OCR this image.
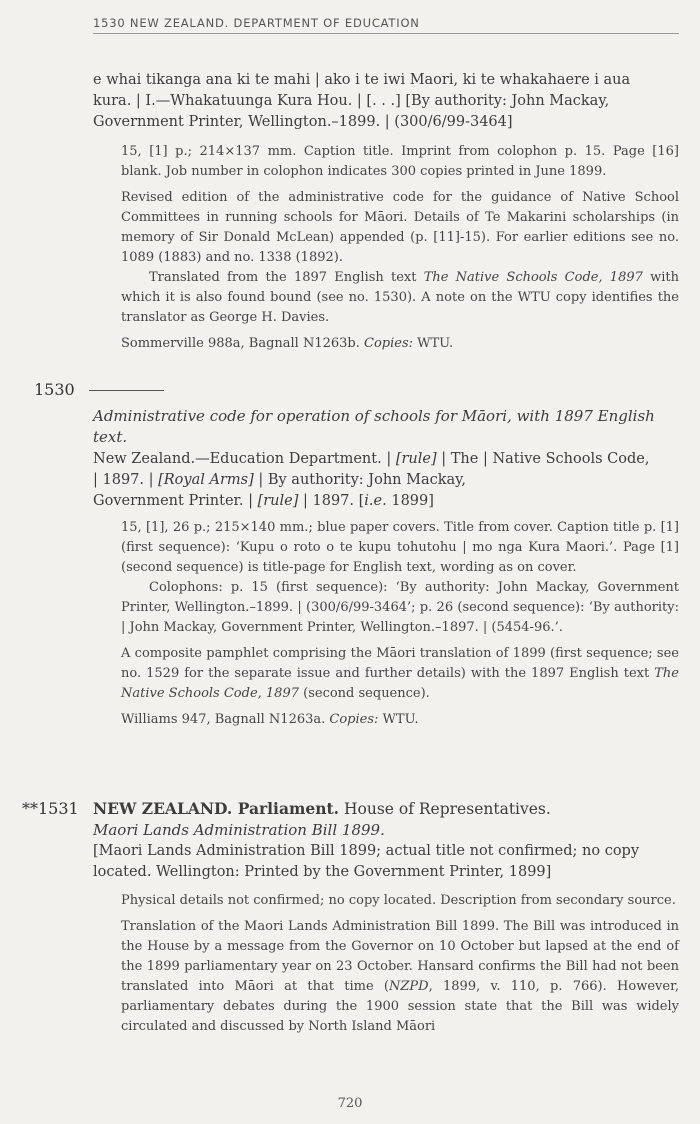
1530 NEW ZEALAND. DEPARTMENT OF EDUCATION
e whai tikanga ana ki te mahi | ako i te iwi Maori, ki te whakahaere i aua
kura. | I.—Whakatuunga Kura Hou. | [. . .] [By authority: John Mackay,
Government Printer, Wellington.–1899. | (300/6/99-3464]
15, [1] p.; 214×137 mm. Caption title. Imprint from colophon p. 15. Page [16] blank. Job number in colophon indicates 300 copies printed in June 1899.
Revised edition of the administrative code for the guidance of Native School Committees in running schools for Māori. Details of Te Makarini scholarships (in memory of Sir Donald McLean) appended (p. [11]-15). For earlier editions see no. 1089 (1883) and no. 1338 (1892).
Translated from the 1897 English text The Native Schools Code, 1897 with which it is also found bound (see no. 1530). A note on the WTU copy identifies the translator as George H. Davies.
Sommerville 988a, Bagnall N1263b. Copies: WTU.
1530
Administrative code for operation of schools for Māori, with 1897 English text.
New Zealand.—Education Department. | [rule] | The | Native Schools Code,
| 1897. | [Royal Arms] | By authority: John Mackay,
Government Printer. | [rule] | 1897. [i.e. 1899]
15, [1], 26 p.; 215×140 mm.; blue paper covers. Title from cover. Caption title p. [1] (first sequence): ‘Kupu o roto o te kupu tohutohu | mo nga Kura Maori.’. Page [1] (second sequence) is title-page for English text, wording as on cover.
Colophons: p. 15 (first sequence): ‘By authority: John Mackay, Government Printer, Wellington.–1899. | (300/6/99-3464’; p. 26 (second sequence): ‘By authority: | John Mackay, Government Printer, Wellington.–1897. | (5454-96.’.
A composite pamphlet comprising the Māori translation of 1899 (first sequence; see no. 1529 for the separate issue and further details) with the 1897 English text The Native Schools Code, 1897 (second sequence).
Williams 947, Bagnall N1263a. Copies: WTU.
**1531 NEW ZEALAND. Parliament. House of Representatives.
Maori Lands Administration Bill 1899.
[Maori Lands Administration Bill 1899; actual title not confirmed; no copy
located. Wellington: Printed by the Government Printer, 1899]
Physical details not confirmed; no copy located. Description from secondary source.
Translation of the Maori Lands Administration Bill 1899. The Bill was introduced in the House by a message from the Governor on 10 October but lapsed at the end of the 1899 parliamentary year on 23 October. Hansard confirms the Bill had not been translated into Māori at that time (NZPD, 1899, v. 110, p. 766). However, parliamentary debates during the 1900 session state that the Bill was widely circulated and discussed by North Island Māori
720
